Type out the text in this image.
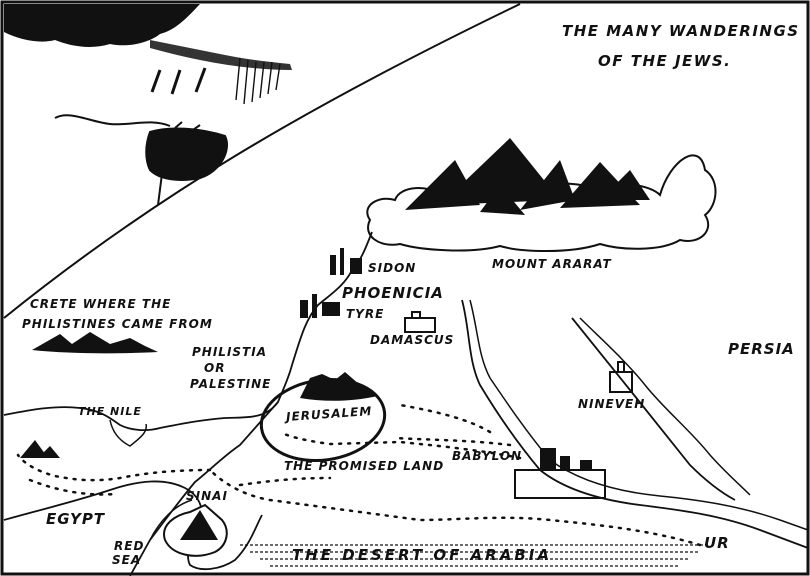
THE MANY WANDERINGS
OF THE JEWS.
SIDON	MOUNT ARARAT
PHOENICIA
TYRE
DAMASCUS	PERSIA
CRETE WHERE THE
PHILISTINES CAME FROM
PHILISTIA
OR
PALESTINE
JERUSALEM
NINEVEH
THE NILE
BABYLON
THE PROMISED LAND
SINAI
EGYPT
RED
SEA	THE DESERT OF ARABIA
UR
